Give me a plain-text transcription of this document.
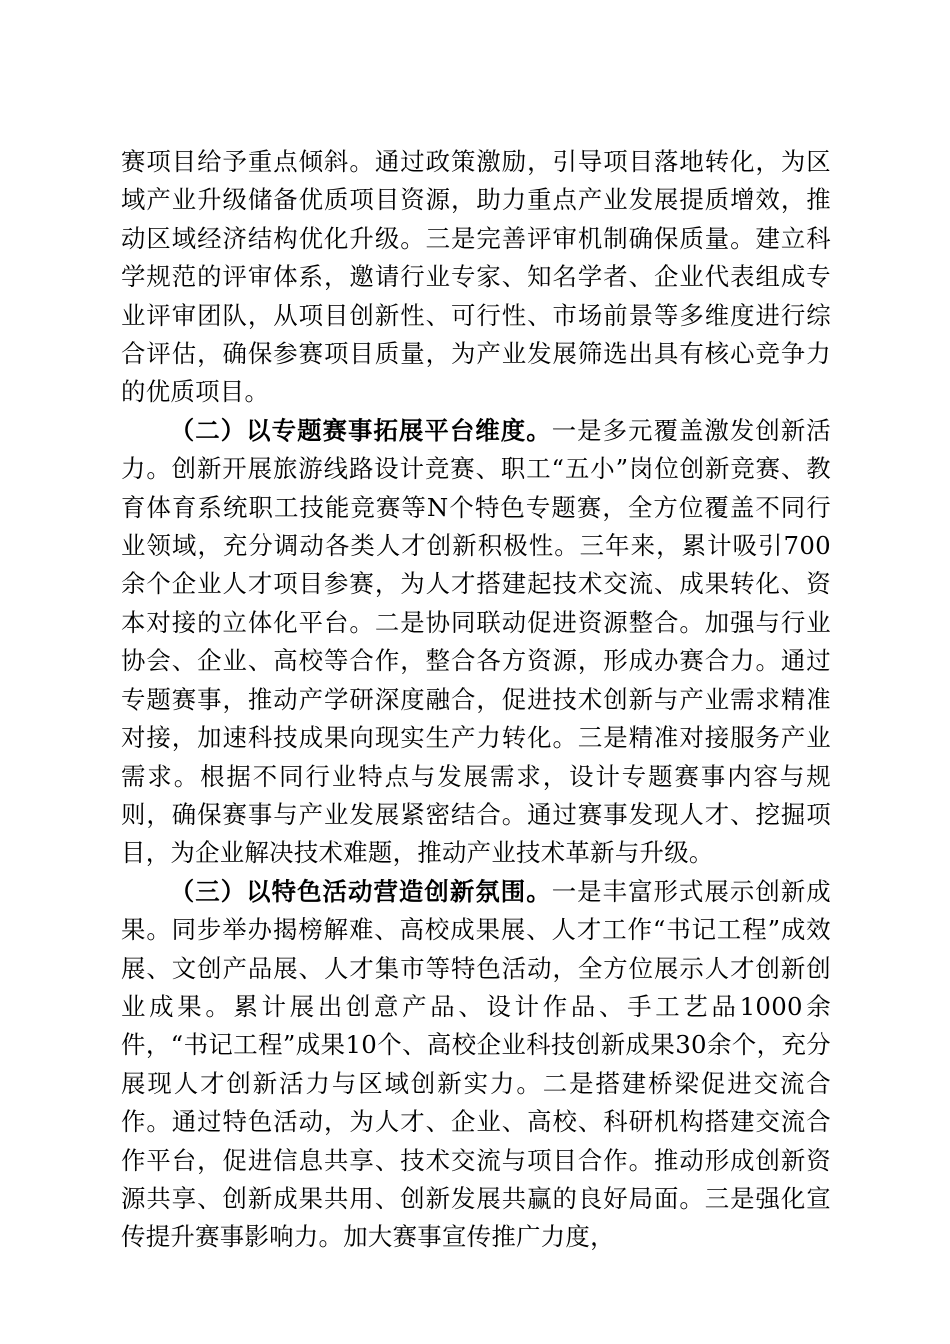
赛项目给予重点倾斜。通过政策激励，引导项目落地转化，为区域产业升级储备优质项目资源，助力重点产业发展提质增效，推动区域经济结构优化升级。三是完善评审机制确保质量。建立科学规范的评审体系，邀请行业专家、知名学者、企业代表组成专业评审团队，从项目创新性、可行性、市场前景等多维度进行综合评估，确保参赛项目质量，为产业发展筛选出具有核心竞争力的优质项目。

（二）以专题赛事拓展平台维度。一是多元覆盖激发创新活力。创新开展旅游线路设计竞赛、职工“五小”岗位创新竞赛、教育体育系统职工技能竞赛等N个特色专题赛，全方位覆盖不同行业领域，充分调动各类人才创新积极性。三年来，累计吸引700余个企业人才项目参赛，为人才搭建起技术交流、成果转化、资本对接的立体化平台。二是协同联动促进资源整合。加强与行业协会、企业、高校等合作，整合各方资源，形成办赛合力。通过专题赛事，推动产学研深度融合，促进技术创新与产业需求精准对接，加速科技成果向现实生产力转化。三是精准对接服务产业需求。根据不同行业特点与发展需求，设计专题赛事内容与规则，确保赛事与产业发展紧密结合。通过赛事发现人才、挖掘项目，为企业解决技术难题，推动产业技术革新与升级。

（三）以特色活动营造创新氛围。一是丰富形式展示创新成果。同步举办揭榜解难、高校成果展、人才工作“书记工程”成效展、文创产品展、人才集市等特色活动，全方位展示人才创新创业成果。累计展出创意产品、设计作品、手工艺品1000余件，“书记工程”成果10个、高校企业科技创新成果30余个，充分展现人才创新活力与区域创新实力。二是搭建桥梁促进交流合作。通过特色活动，为人才、企业、高校、科研机构搭建交流合作平台，促进信息共享、技术交流与项目合作。推动形成创新资源共享、创新成果共用、创新发展共赢的良好局面。三是强化宣传提升赛事影响力。加大赛事宣传推广力度，
